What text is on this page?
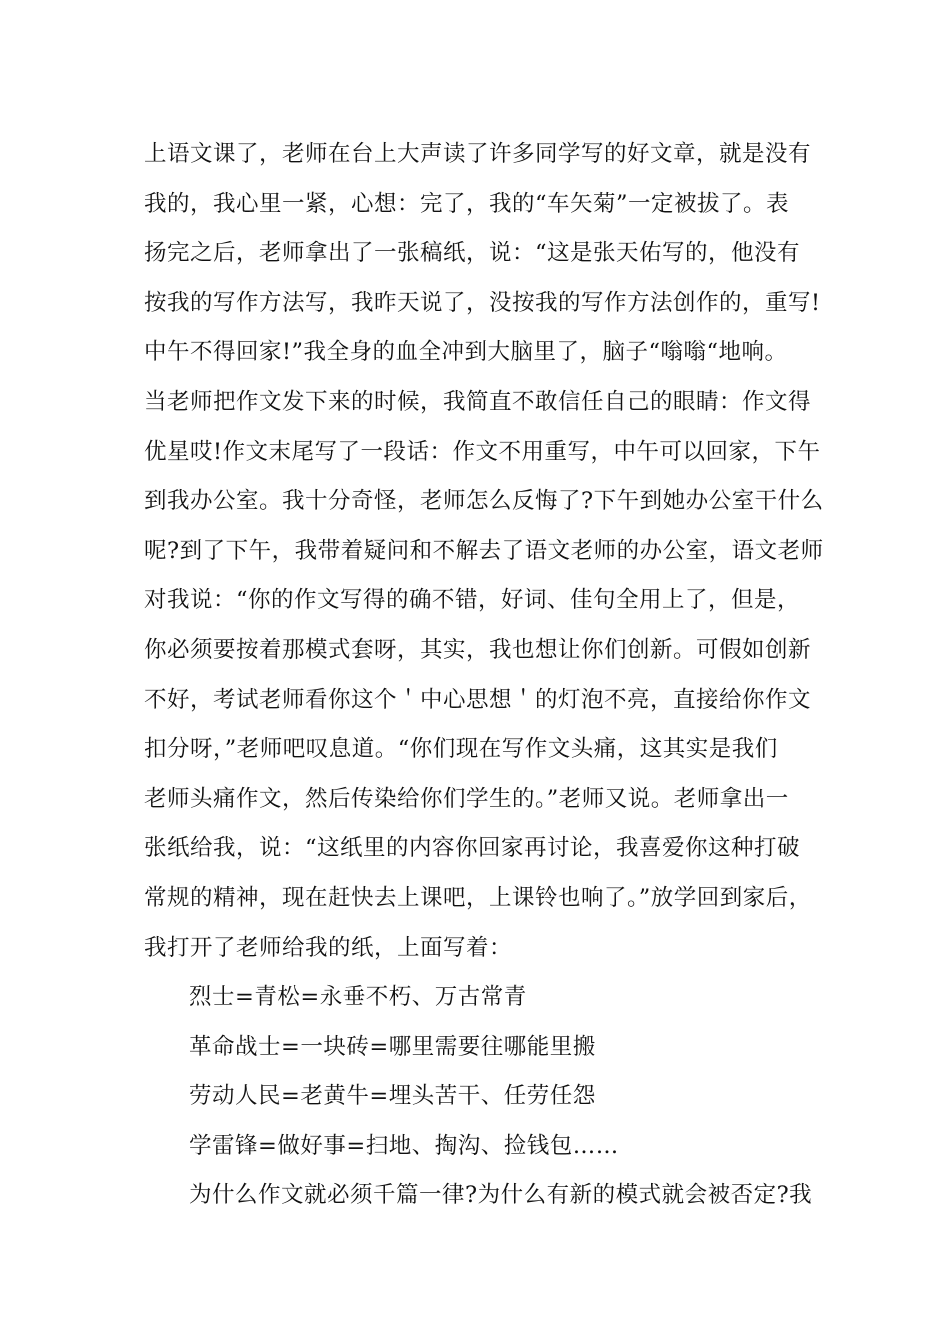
上语文课了，老师在台上大声读了许多同学写的好文章，就是没有
我的，我心里一紧，心想：完了，我的“车矢菊”一定被拔了。表
扬完之后，老师拿出了一张稿纸，说：“这是张天佑写的，他没有
按我的写作方法写，我昨天说了，没按我的写作方法创作的，重写!
中午不得回家!”我全身的血全冲到大脑里了，脑子“嗡嗡“地响。
当老师把作文发下来的时候，我简直不敢信任自己的眼睛：作文得
优星哎!作文末尾写了一段话：作文不用重写，中午可以回家，下午
到我办公室。我十分奇怪，老师怎么反悔了?下午到她办公室干什么
呢?到了下午，我带着疑问和不解去了语文老师的办公室，语文老师
对我说：“你的作文写得的确不错，好词、佳句全用上了，但是，
你必须要按着那模式套呀，其实，我也想让你们创新。可假如创新
不好，考试老师看你这个＇中心思想＇的灯泡不亮，直接给你作文
扣分呀，”老师吧叹息道。“你们现在写作文头痛，这其实是我们
老师头痛作文，然后传染给你们学生的。”老师又说。老师拿出一
张纸给我，说：“这纸里的内容你回家再讨论，我喜爱你这种打破
常规的精神，现在赶快去上课吧，上课铃也响了。”放学回到家后，
我打开了老师给我的纸，上面写着：
烈士=青松=永垂不朽、万古常青
革命战士=一块砖=哪里需要往哪能里搬
劳动人民=老黄牛=埋头苦干、任劳任怨
学雷锋=做好事=扫地、掏沟、捡钱包……
为什么作文就必须千篇一律?为什么有新的模式就会被否定?我
